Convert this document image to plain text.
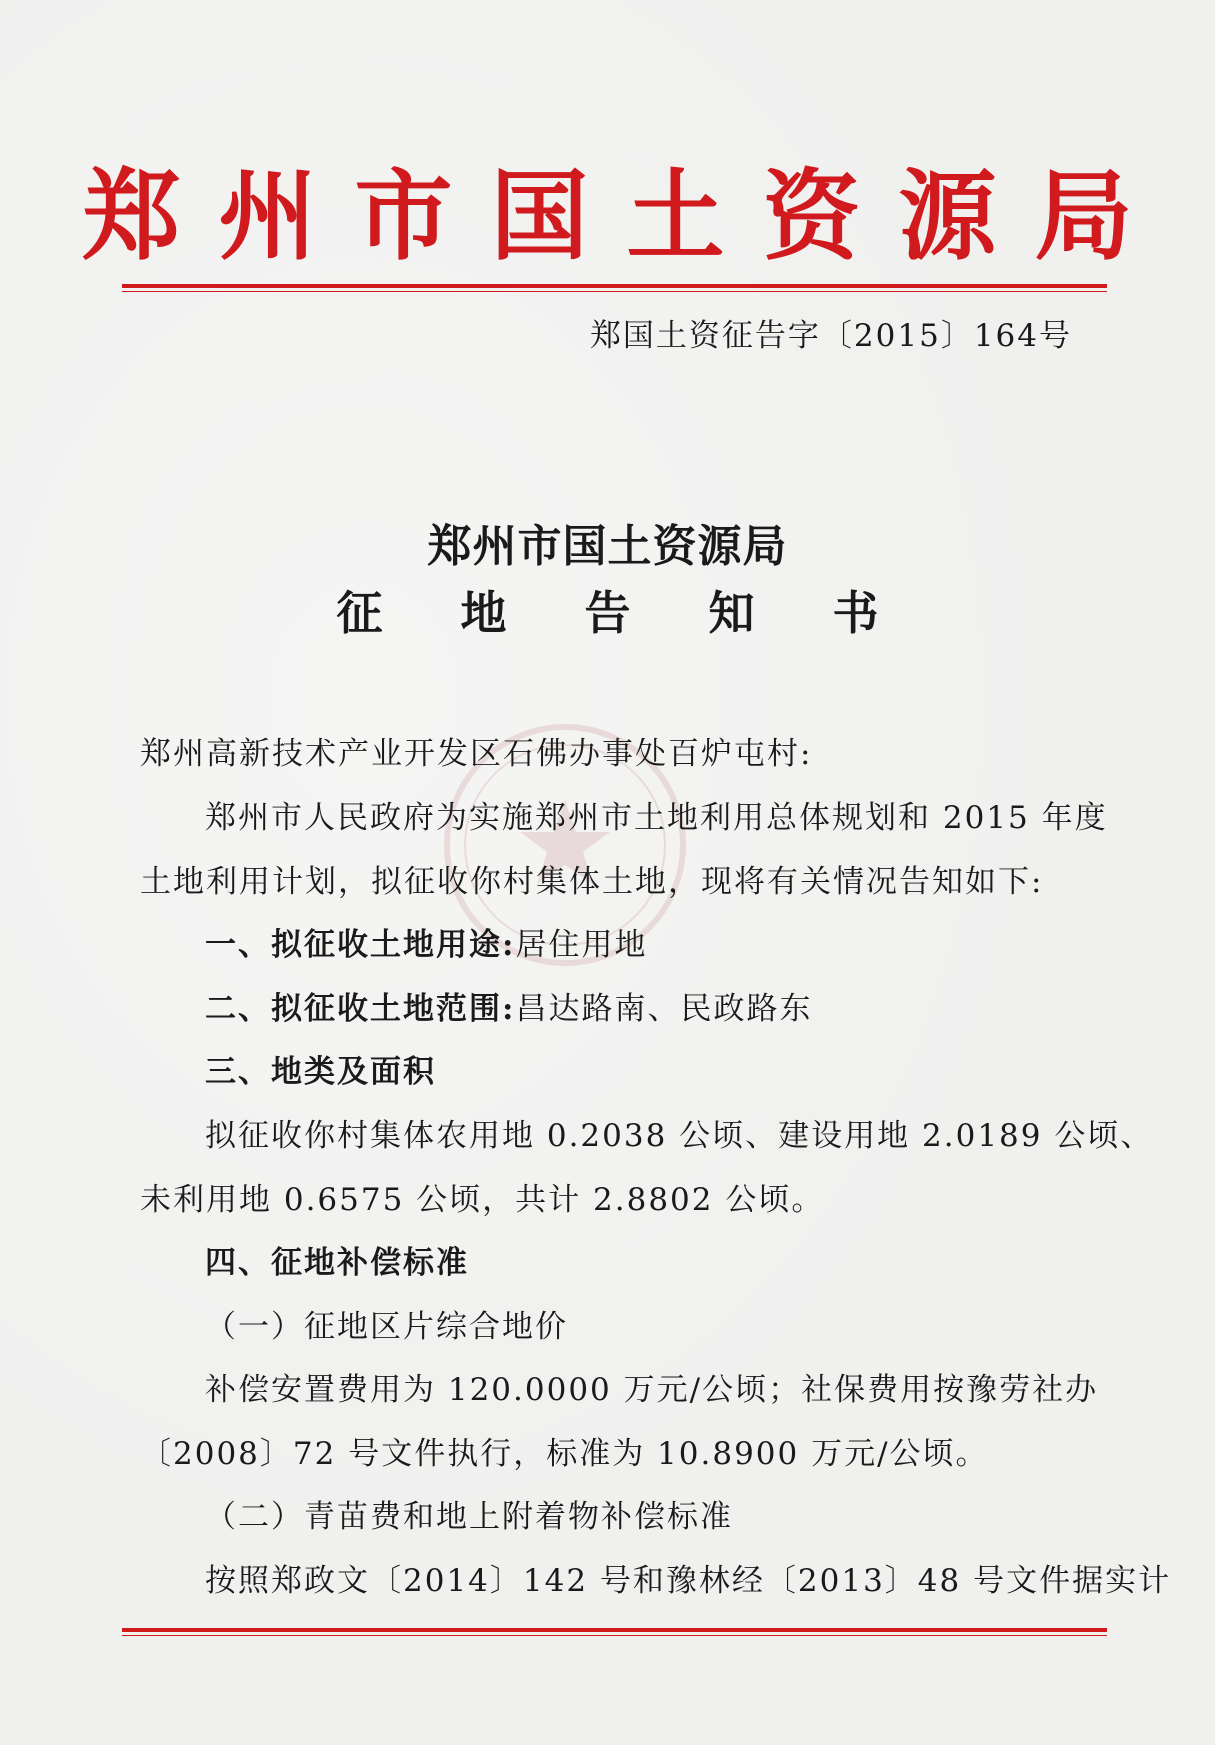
郑州市国土资源局
郑国土资征告字〔2015〕164号
郑州市国土资源局
征地告知书
郑州高新技术产业开发区石佛办事处百炉屯村:
郑州市人民政府为实施郑州市土地利用总体规划和 2015 年度
土地利用计划，拟征收你村集体土地，现将有关情况告知如下:
一、拟征收土地用途:居住用地
二、拟征收土地范围:昌达路南、民政路东
三、地类及面积
拟征收你村集体农用地 0.2038 公顷、建设用地 2.0189 公顷、
未利用地 0.6575 公顷，共计 2.8802 公顷。
四、征地补偿标准
（一）征地区片综合地价
补偿安置费用为 120.0000 万元/公顷；社保费用按豫劳社办
〔2008〕72 号文件执行，标准为 10.8900 万元/公顷。
（二）青苗费和地上附着物补偿标准
按照郑政文〔2014〕142 号和豫林经〔2013〕48 号文件据实计
